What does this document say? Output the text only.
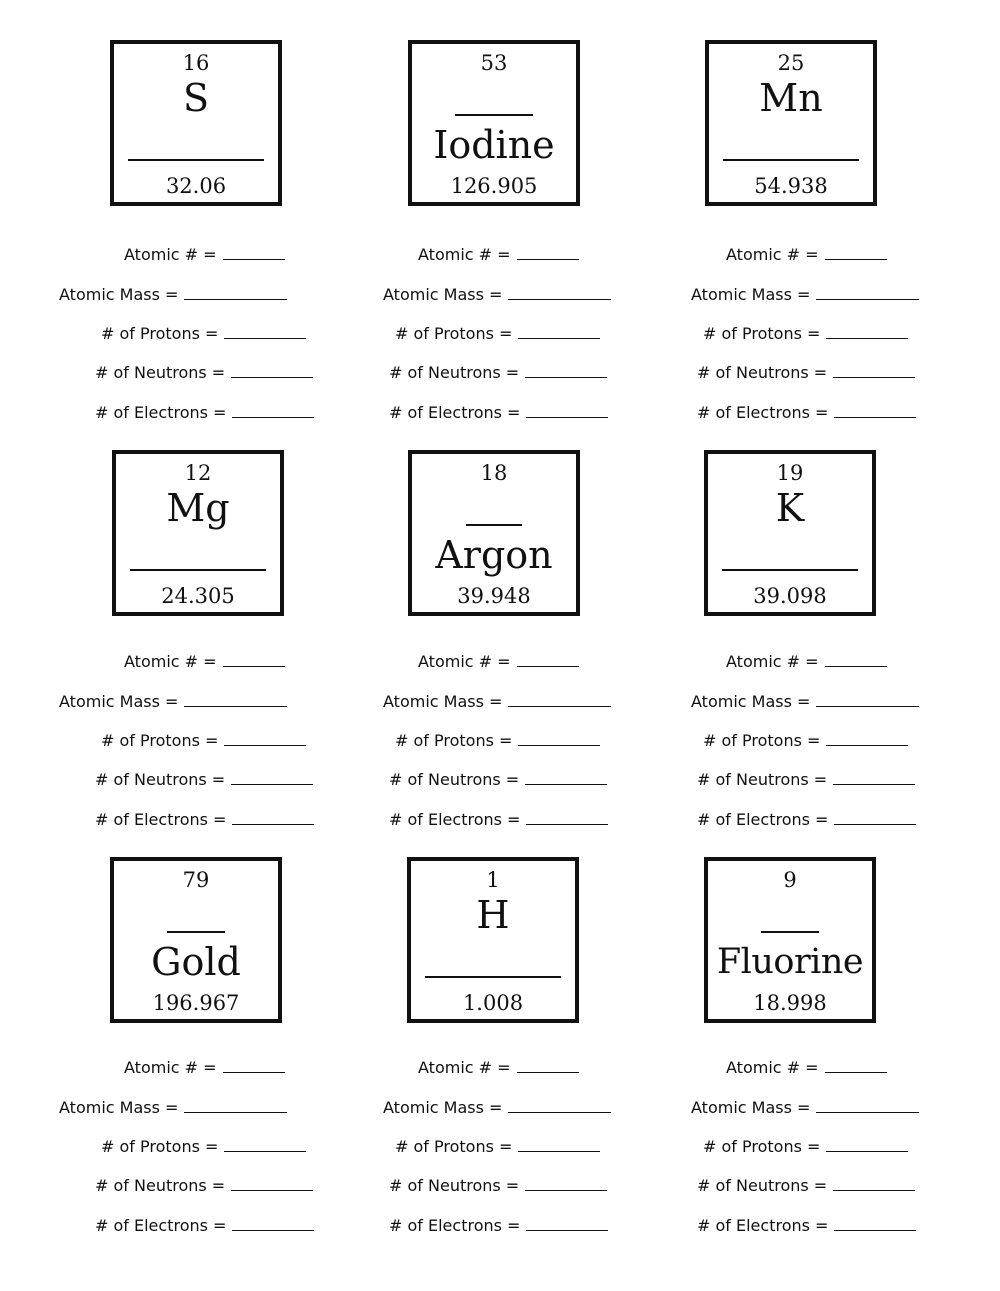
16
S
32.06
53
Iodine
126.905
25
Mn
54.938
Atomic # =
Atomic Mass =
# of Protons =
# of Neutrons =
# of Electrons =
Atomic # =
Atomic Mass =
# of Protons =
# of Neutrons =
# of Electrons =
Atomic # =
Atomic Mass =
# of Protons =
# of Neutrons =
# of Electrons =
12
Mg
24.305
18
Argon
39.948
19
K
39.098
Atomic # =
Atomic Mass =
# of Protons =
# of Neutrons =
# of Electrons =
Atomic # =
Atomic Mass =
# of Protons =
# of Neutrons =
# of Electrons =
Atomic # =
Atomic Mass =
# of Protons =
# of Neutrons =
# of Electrons =
79
Gold
196.967
1
H
1.008
9
Fluorine
18.998
Atomic # =
Atomic Mass =
# of Protons =
# of Neutrons =
# of Electrons =
Atomic # =
Atomic Mass =
# of Protons =
# of Neutrons =
# of Electrons =
Atomic # =
Atomic Mass =
# of Protons =
# of Neutrons =
# of Electrons =
